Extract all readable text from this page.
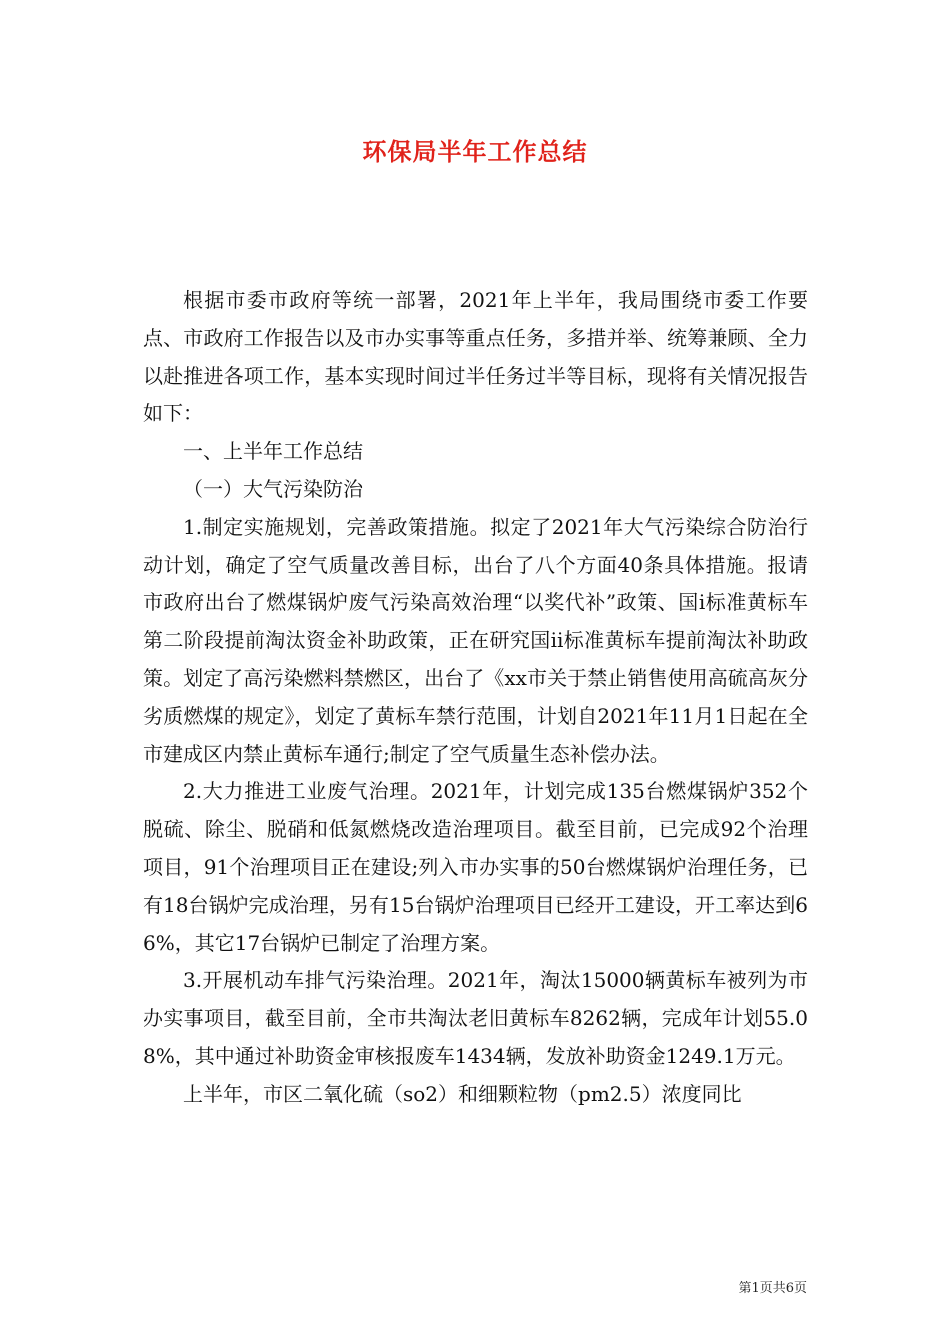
环保局半年工作总结

根据市委市政府等统一部署，2021年上半年，我局围绕市委工作要点、市政府工作报告以及市办实事等重点任务，多措并举、统筹兼顾、全力以赴推进各项工作，基本实现时间过半任务过半等目标，现将有关情况报告如下：

一、上半年工作总结

（一）大气污染防治

1.制定实施规划，完善政策措施。拟定了2021年大气污染综合防治行动计划，确定了空气质量改善目标，出台了八个方面40条具体措施。报请市政府出台了燃煤锅炉废气污染高效治理“以奖代补”政策、国ⅰ标准黄标车第二阶段提前淘汰资金补助政策，正在研究国ⅱ标准黄标车提前淘汰补助政策。划定了高污染燃料禁燃区，出台了《xx市关于禁止销售使用高硫高灰分劣质燃煤的规定》，划定了黄标车禁行范围，计划自2021年11月1日起在全市建成区内禁止黄标车通行;制定了空气质量生态补偿办法。

2.大力推进工业废气治理。2021年，计划完成135台燃煤锅炉352个脱硫、除尘、脱硝和低氮燃烧改造治理项目。截至目前，已完成92个治理项目，91个治理项目正在建设;列入市办实事的50台燃煤锅炉治理任务，已有18台锅炉完成治理，另有15台锅炉治理项目已经开工建设，开工率达到66%，其它17台锅炉已制定了治理方案。

3.开展机动车排气污染治理。2021年，淘汰15000辆黄标车被列为市办实事项目，截至目前，全市共淘汰老旧黄标车8262辆，完成年计划55.08%，其中通过补助资金审核报废车1434辆，发放补助资金1249.1万元。

上半年，市区二氧化硫（so2）和细颗粒物（pm2.5）浓度同比

第1页共6页
